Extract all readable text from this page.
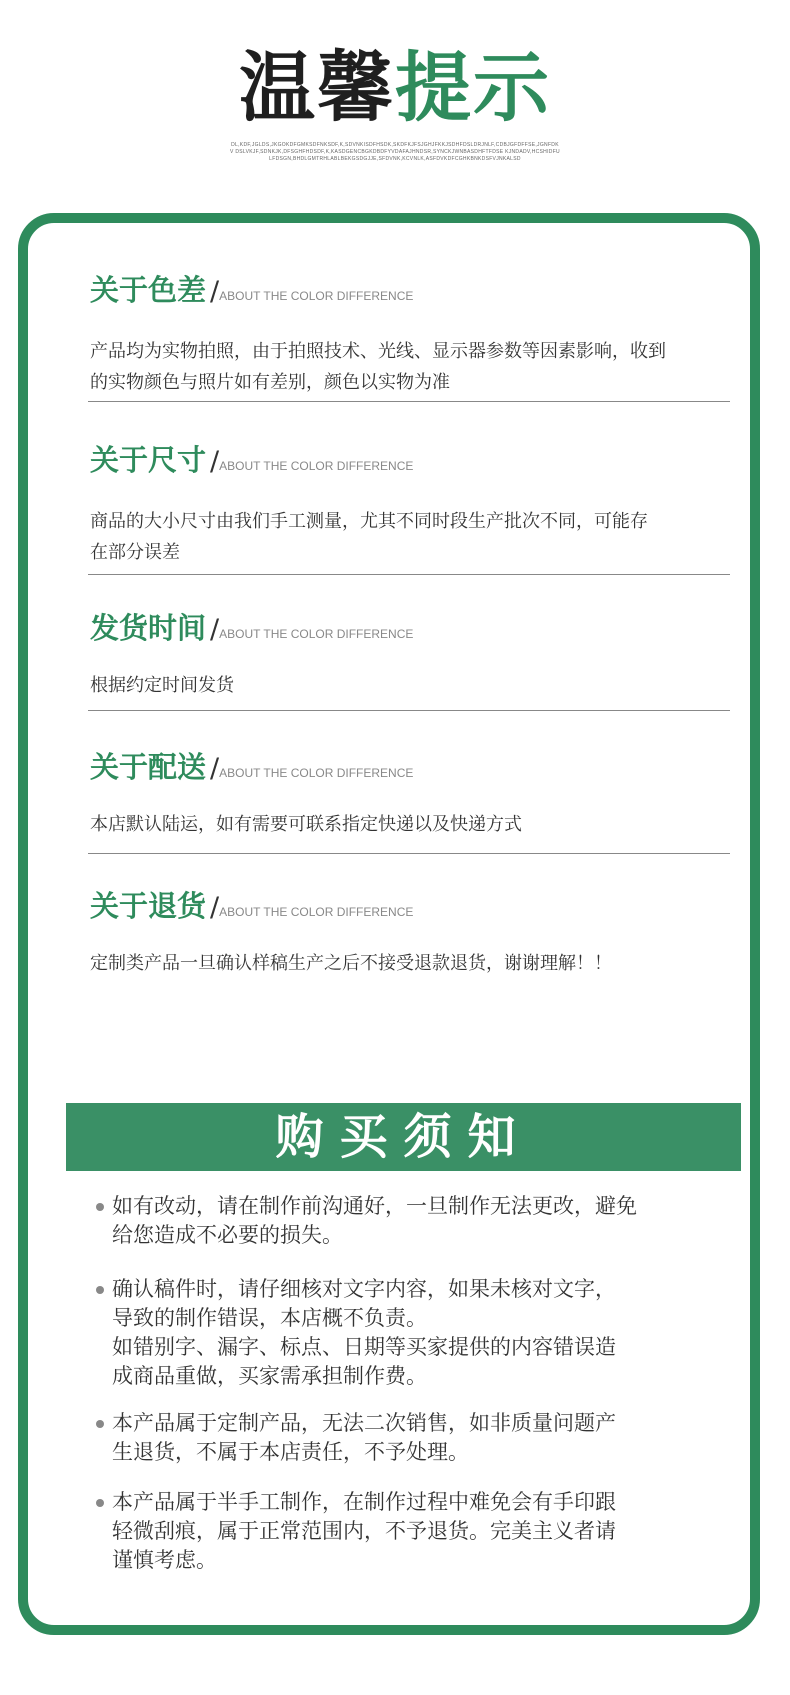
温馨提示
DL,KDF,JGLDS,JKGOKDFGMKSDFNKSDF,K,SDVNKISDFHSDK,SKDFKJFSJGHJFKKJSDHFDSLDRJNLF,CDBJGFDFFSE,JGNFDKV DSLVKJF,SDNKJK,DFSGHFHDSDF,K,KASDGENCBGKDBDFYVDAFAJHNDSR,SYNCKJWNBASDHFTFDSE KJNDADV,HCSHIDFULFDSGN,BHDLGMTRHLABLBEKGSDGJJE,SFDVNK,KCVNLK,ASFDVKDFCGHKBNKDSFVJNKALSD
关于色差 /ABOUT THE COLOR DIFFERENCE
产品均为实物拍照，由于拍照技术、光线、显示器参数等因素影响，收到
的实物颜色与照片如有差别，颜色以实物为准
关于尺寸 /ABOUT THE COLOR DIFFERENCE
商品的大小尺寸由我们手工测量，尤其不同时段生产批次不同，可能存
在部分误差
发货时间 /ABOUT THE COLOR DIFFERENCE
根据约定时间发货
关于配送 /ABOUT THE COLOR DIFFERENCE
本店默认陆运，如有需要可联系指定快递以及快递方式
关于退货 /ABOUT THE COLOR DIFFERENCE
定制类产品一旦确认样稿生产之后不接受退款退货，谢谢理解！！
购买须知
如有改动，请在制作前沟通好，一旦制作无法更改，避免
给您造成不必要的损失。
确认稿件时，请仔细核对文字内容，如果未核对文字，
导致的制作错误，本店概不负责。
如错别字、漏字、标点、日期等买家提供的内容错误造
成商品重做，买家需承担制作费。
本产品属于定制产品，无法二次销售，如非质量问题产
生退货，不属于本店责任，不予处理。
本产品属于半手工制作，在制作过程中难免会有手印跟
轻微刮痕，属于正常范围内，不予退货。完美主义者请
谨慎考虑。
